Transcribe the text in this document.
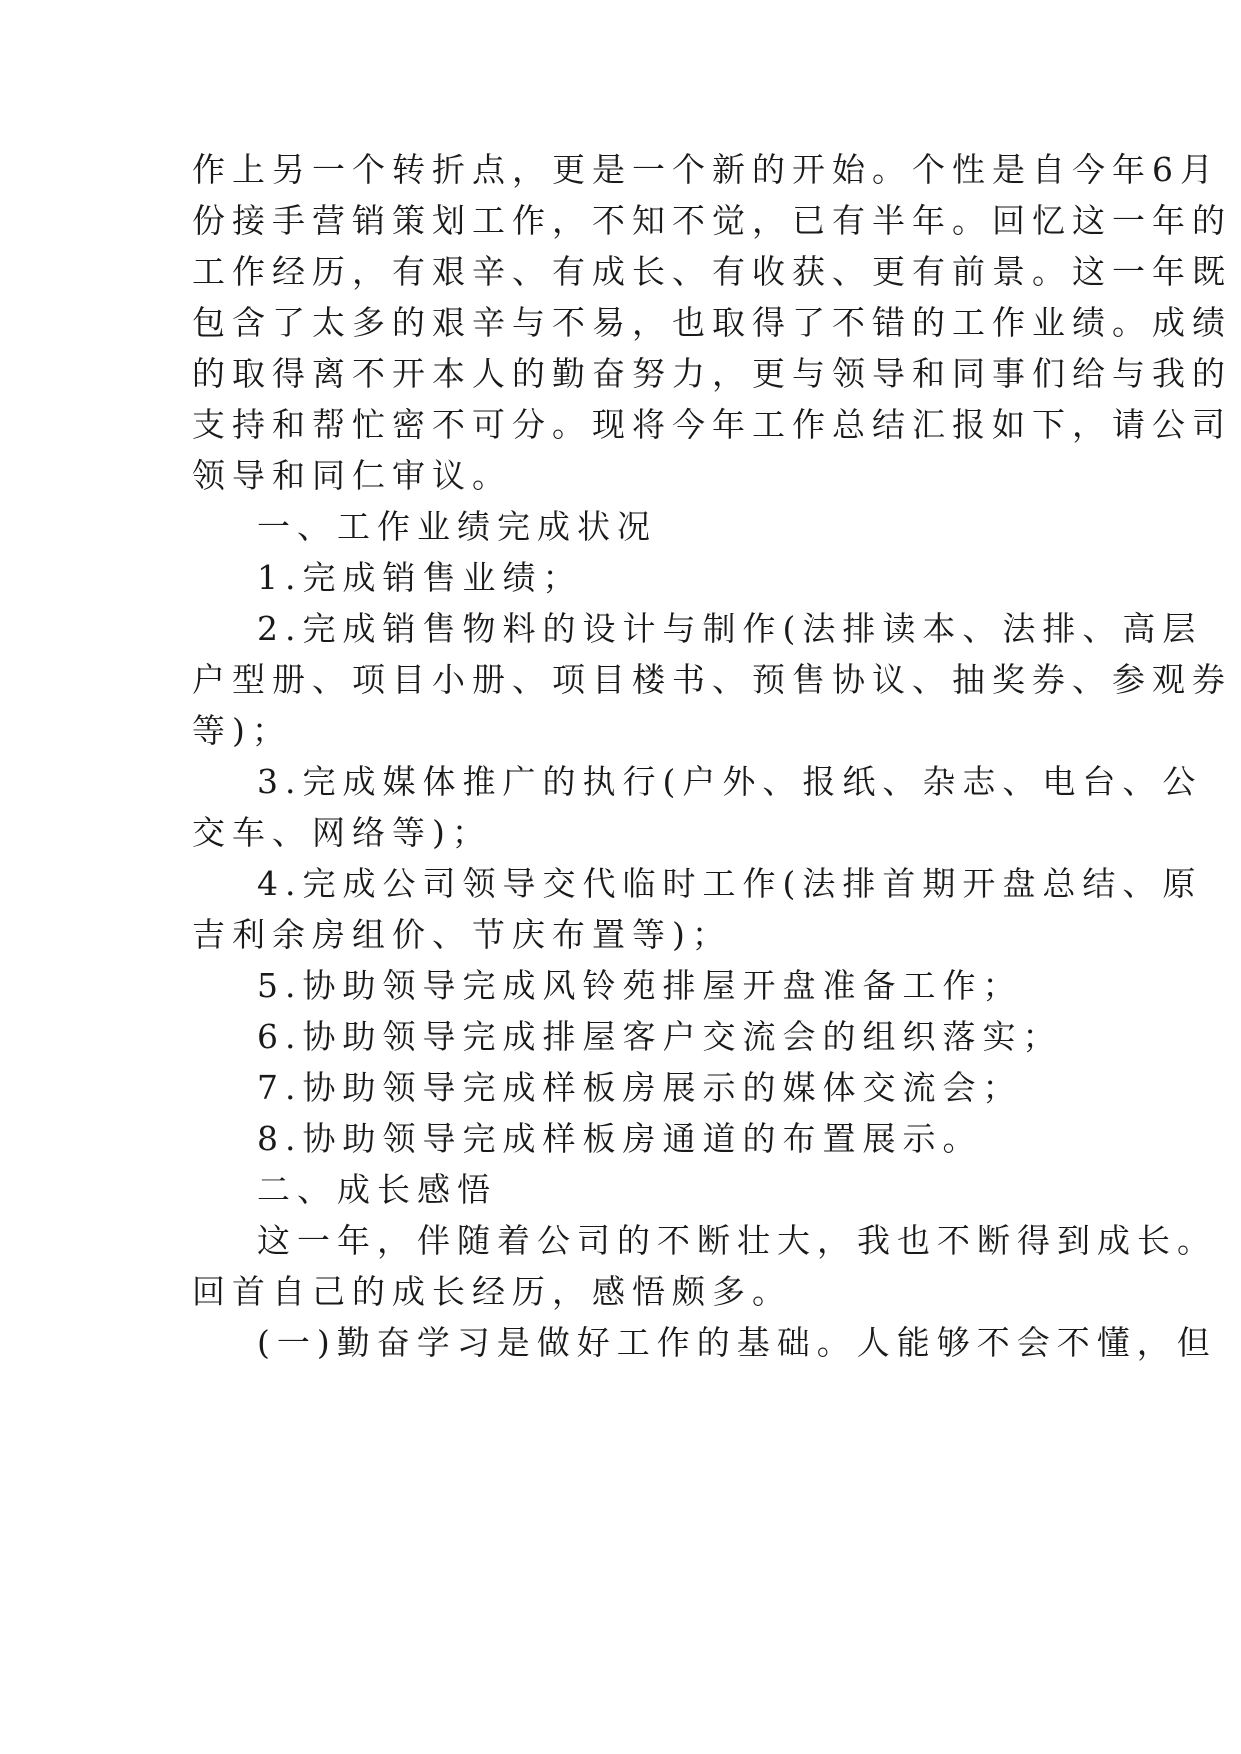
作上另一个转折点，更是一个新的开始。个性是自今年6月
份接手营销策划工作，不知不觉，已有半年。回忆这一年的
工作经历，有艰辛、有成长、有收获、更有前景。这一年既
包含了太多的艰辛与不易，也取得了不错的工作业绩。成绩
的取得离不开本人的勤奋努力，更与领导和同事们给与我的
支持和帮忙密不可分。现将今年工作总结汇报如下，请公司
领导和同仁审议。
一、工作业绩完成状况
1.完成销售业绩；
2.完成销售物料的设计与制作(法排读本、法排、高层
户型册、项目小册、项目楼书、预售协议、抽奖券、参观券
等)；
3.完成媒体推广的执行(户外、报纸、杂志、电台、公
交车、网络等)；
4.完成公司领导交代临时工作(法排首期开盘总结、原
吉利余房组价、节庆布置等)；
5.协助领导完成风铃苑排屋开盘准备工作；
6.协助领导完成排屋客户交流会的组织落实；
7.协助领导完成样板房展示的媒体交流会；
8.协助领导完成样板房通道的布置展示。
二、成长感悟
这一年，伴随着公司的不断壮大，我也不断得到成长。
回首自己的成长经历，感悟颇多。
(一)勤奋学习是做好工作的基础。人能够不会不懂，但
